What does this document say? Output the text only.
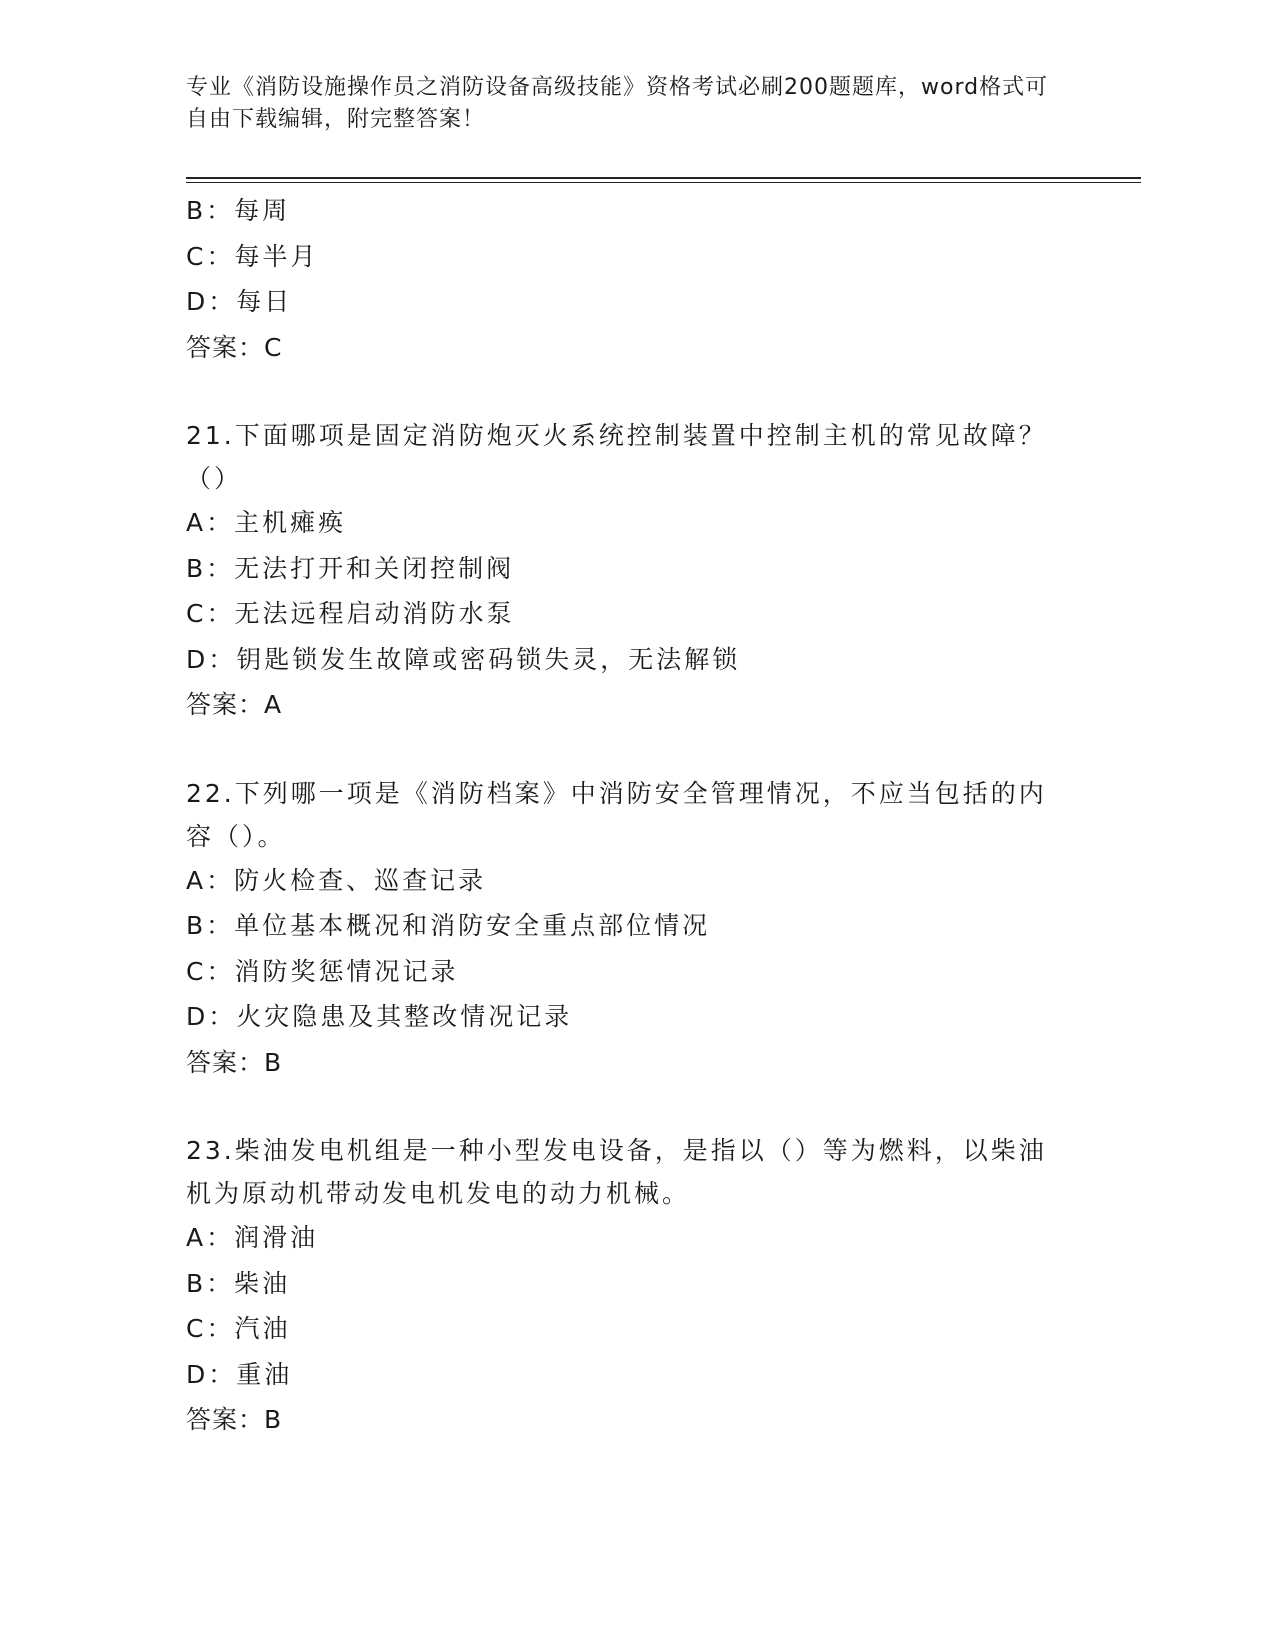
专业《消防设施操作员之消防设备高级技能》资格考试必刷200题题库，word格式可自由下载编辑，附完整答案！

B：每周

C：每半月

D：每日

答案：C

21.下面哪项是固定消防炮灭火系统控制装置中控制主机的常见故障？（）

A：主机瘫痪

B：无法打开和关闭控制阀

C：无法远程启动消防水泵

D：钥匙锁发生故障或密码锁失灵，无法解锁

答案：A

22.下列哪一项是《消防档案》中消防安全管理情况，不应当包括的内容（）。

A：防火检查、巡查记录

B：单位基本概况和消防安全重点部位情况

C：消防奖惩情况记录

D：火灾隐患及其整改情况记录

答案：B

23.柴油发电机组是一种小型发电设备，是指以（）等为燃料，以柴油机为原动机带动发电机发电的动力机械。

A：润滑油

B：柴油

C：汽油

D：重油

答案：B
